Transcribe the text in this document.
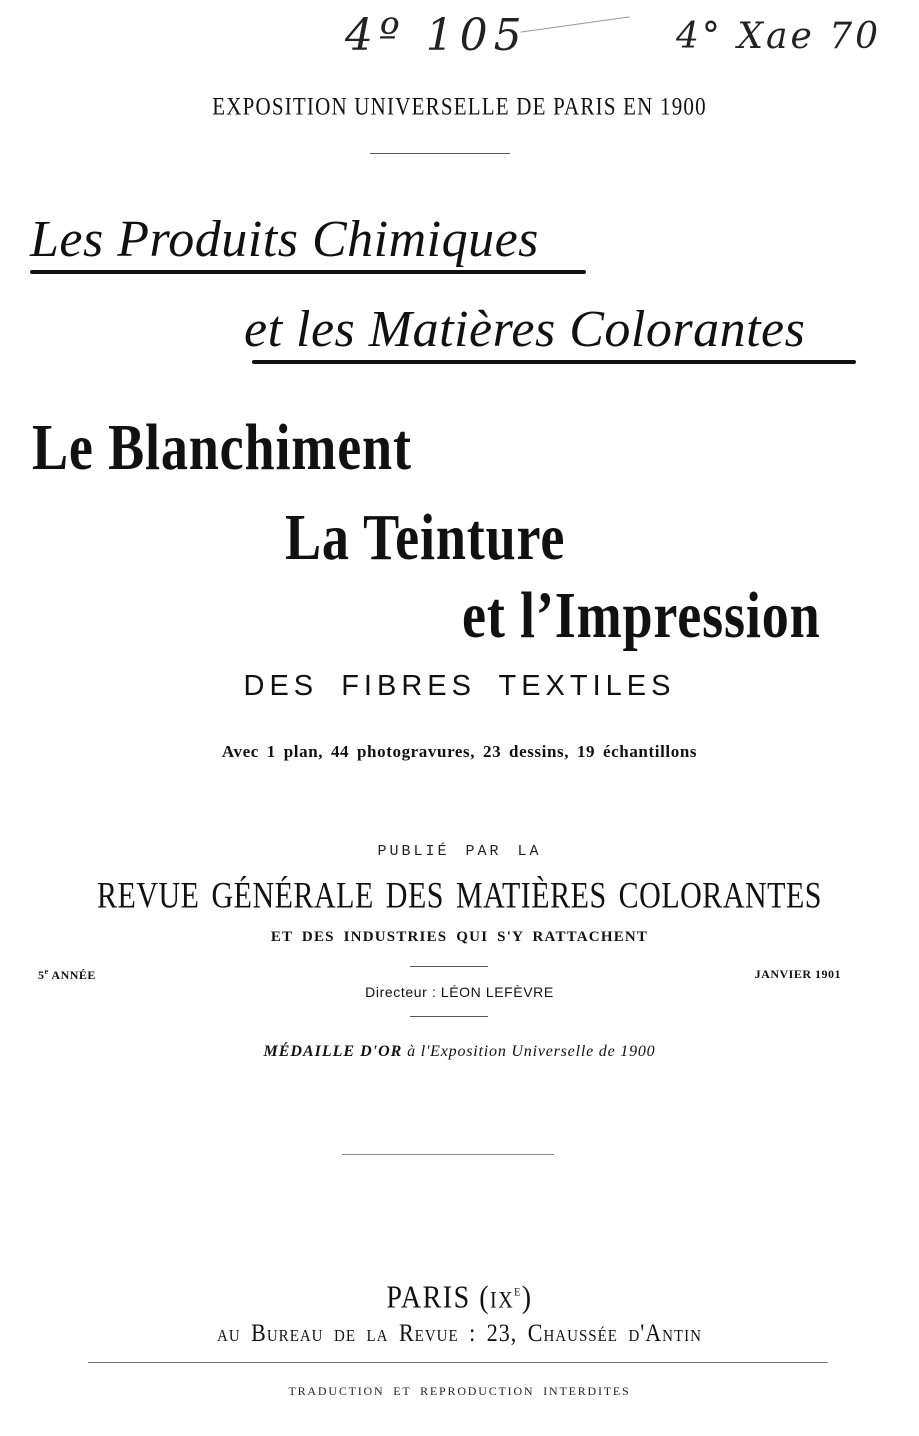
4º 105	4° Xae 70
EXPOSITION UNIVERSELLE DE PARIS EN 1900
Les Produits Chimiques
et les Matières Colorantes
Le Blanchiment
La Teinture
et l’Impression
DES FIBRES TEXTILES
Avec 1 plan, 44 photogravures, 23 dessins, 19 échantillons
PUBLIÉ PAR LA
REVUE GÉNÉRALE DES MATIÈRES COLORANTES
ET DES INDUSTRIES QUI S'Y RATTACHENT
5e ANNÉE	JANVIER 1901
Directeur : LÉON LEFÈVRE
MÉDAILLE D'OR à l'Exposition Universelle de 1900
PARIS $(ix^e)$
au Bureau de la Revue : 23, Chaussée d'Antin
TRADUCTION ET REPRODUCTION INTERDITES
